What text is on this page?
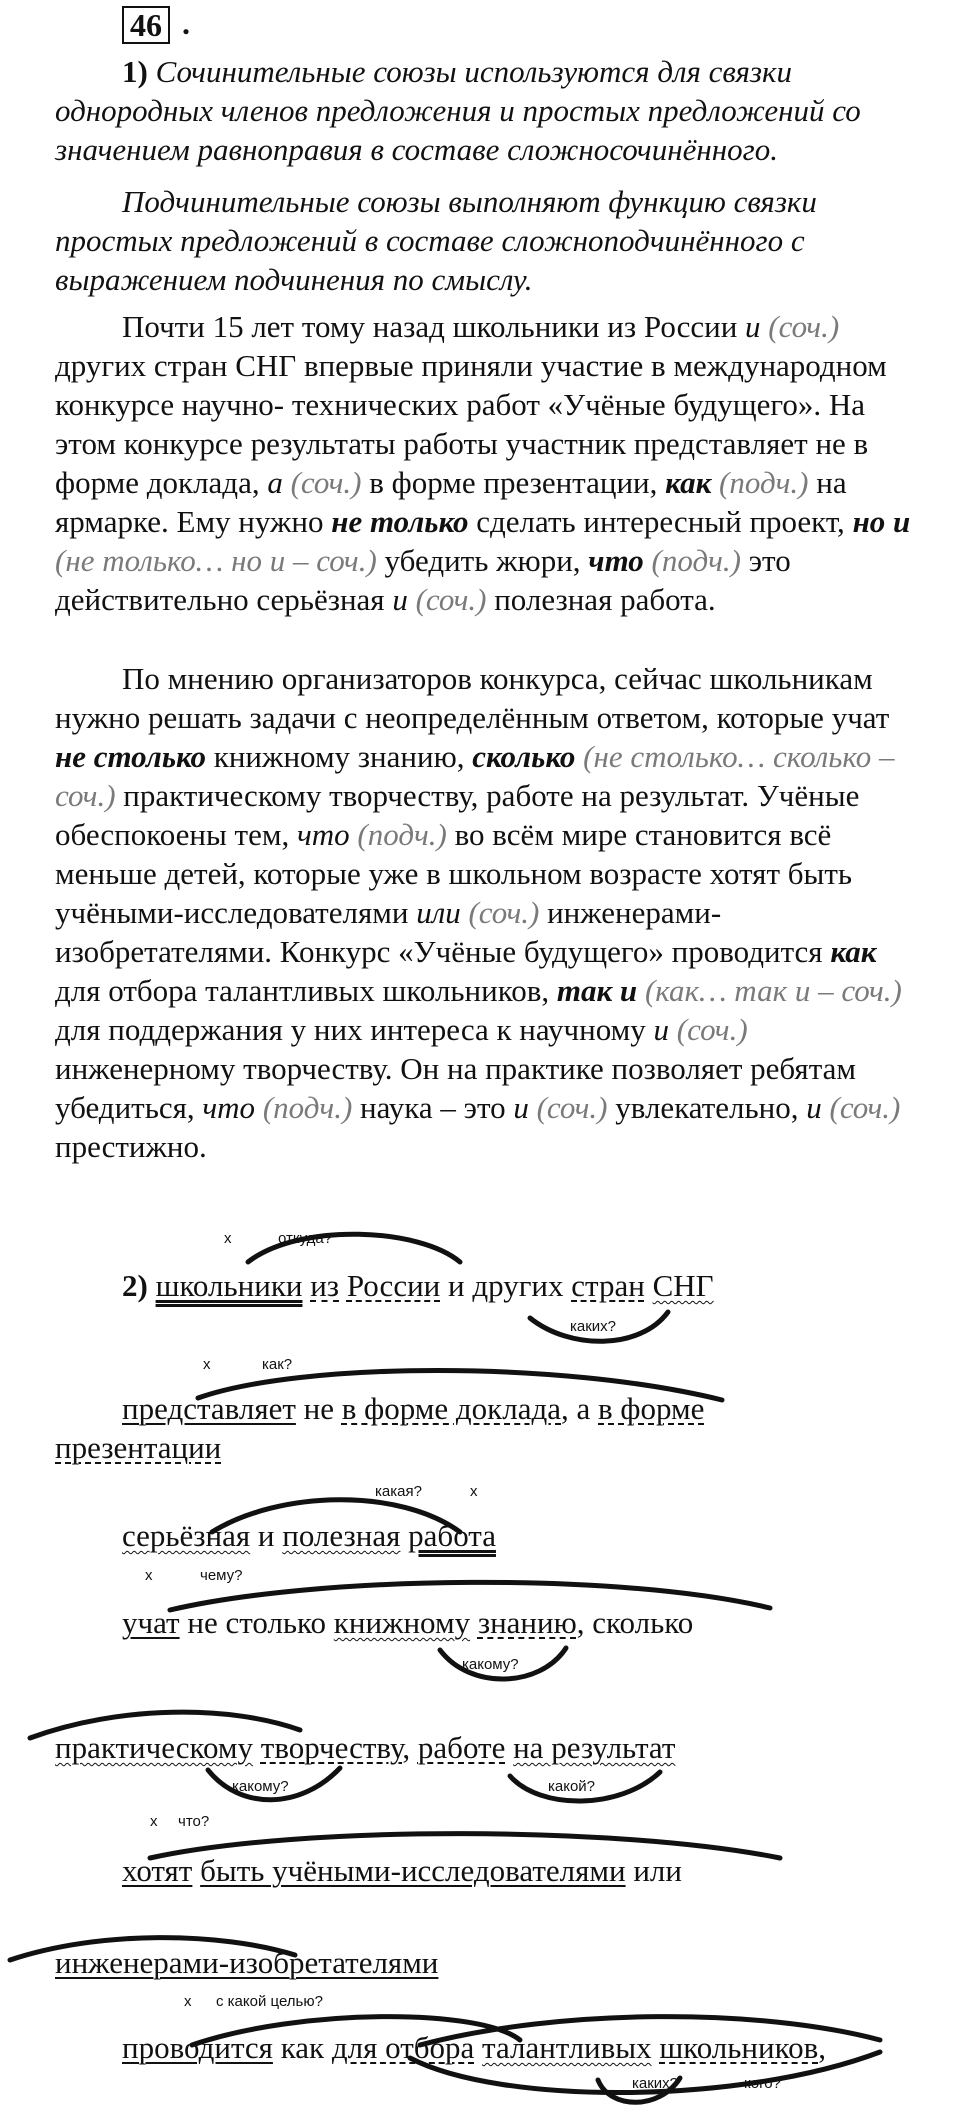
46 .

1) Сочинительные союзы используются для связки однородных членов предложения и простых предложений со значением равноправия в составе сложносочинённого.

Подчинительные союзы выполняют функцию связки простых предложений в составе сложноподчинённого с выражением подчинения по смыслу.

Почти 15 лет тому назад школьники из России и (соч.) других стран СНГ впервые приняли участие в международном конкурсе научно- технических работ «Учёные будущего». На этом конкурсе результаты работы участник представляет не в форме доклада, а (соч.) в форме презентации, как (подч.) на ярмарке. Ему нужно не только сделать интересный проект, но и (не только… но и – соч.) убедить жюри, что (подч.) это действительно серьёзная и (соч.) полезная работа.

По мнению организаторов конкурса, сейчас школьникам нужно решать задачи с неопределённым ответом, которые учат не столько книжному знанию, сколько (не столько… сколько – соч.) практическому творчеству, работе на результат. Учёные обеспокоены тем, что (подч.) во всём мире становится всё меньше детей, которые уже в школьном возрасте хотят быть учёными-исследователями или (соч.) инженерами-изобретателями. Конкурс «Учёные будущего» проводится как для отбора талантливых школьников, так и (как… так и – соч.) для поддержания у них интереса к научному и (соч.) инженерному творчеству. Он на практике позволяет ребятам убедиться, что (подч.) наука – это и (соч.) увлекательно, и (соч.) престижно.

х	откуда?

2) школьники из России и других стран СНГ

каких?
х	как?

представляет не в форме доклада, а в форме
презентации

какая?	х

серьёзная и полезная работа

х	чему?

учат не столько книжному знанию, сколько

какому?

практическому творчеству, работе на результат

какому?	какой?
х что?

хотят быть учёными-исследователями или

инженерами-изобретателями

х с какой целью?

проводится как для отбора талантливых школьников,

каких?	кого?
